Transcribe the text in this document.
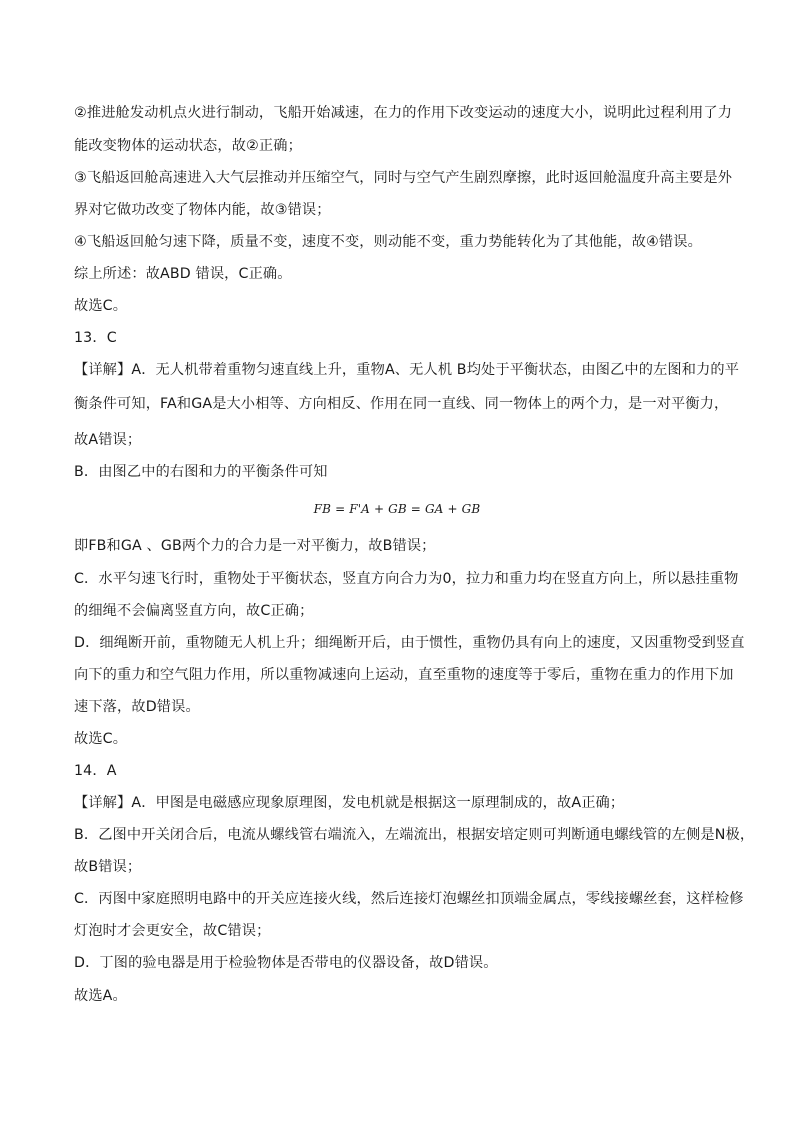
②推进舱发动机点火进行制动，飞船开始减速，在力的作用下改变运动的速度大小，说明此过程利用了力
能改变物体的运动状态，故②正确；
③飞船返回舱高速进入大气层推动并压缩空气，同时与空气产生剧烈摩擦，此时返回舱温度升高主要是外
界对它做功改变了物体内能，故③错误；
④飞船返回舱匀速下降，质量不变，速度不变，则动能不变，重力势能转化为了其他能，故④错误。
综上所述：故ABD 错误，C正确。
故选C。
13．C
【详解】A．无人机带着重物匀速直线上升，重物A、无人机 B均处于平衡状态，由图乙中的左图和力的平
衡条件可知，FA和GA是大小相等、方向相反、作用在同一直线、同一物体上的两个力，是一对平衡力，
故A错误；
B．由图乙中的右图和力的平衡条件可知
FB = F'A + GB = GA + GB
即FB和GA 、GB两个力的合力是一对平衡力，故B错误；
C．水平匀速飞行时，重物处于平衡状态，竖直方向合力为0，拉力和重力均在竖直方向上，所以悬挂重物
的细绳不会偏离竖直方向，故C正确；
D．细绳断开前，重物随无人机上升；细绳断开后，由于惯性，重物仍具有向上的速度，又因重物受到竖直
向下的重力和空气阻力作用，所以重物减速向上运动，直至重物的速度等于零后，重物在重力的作用下加
速下落，故D错误。
故选C。
14．A
【详解】A．甲图是电磁感应现象原理图，发电机就是根据这一原理制成的，故A正确；
B．乙图中开关闭合后，电流从螺线管右端流入，左端流出，根据安培定则可判断通电螺线管的左侧是N极，
故B错误；
C．丙图中家庭照明电路中的开关应连接火线，然后连接灯泡螺丝扣顶端金属点，零线接螺丝套，这样检修
灯泡时才会更安全，故C错误；
D．丁图的验电器是用于检验物体是否带电的仪器设备，故D错误。
故选A。
